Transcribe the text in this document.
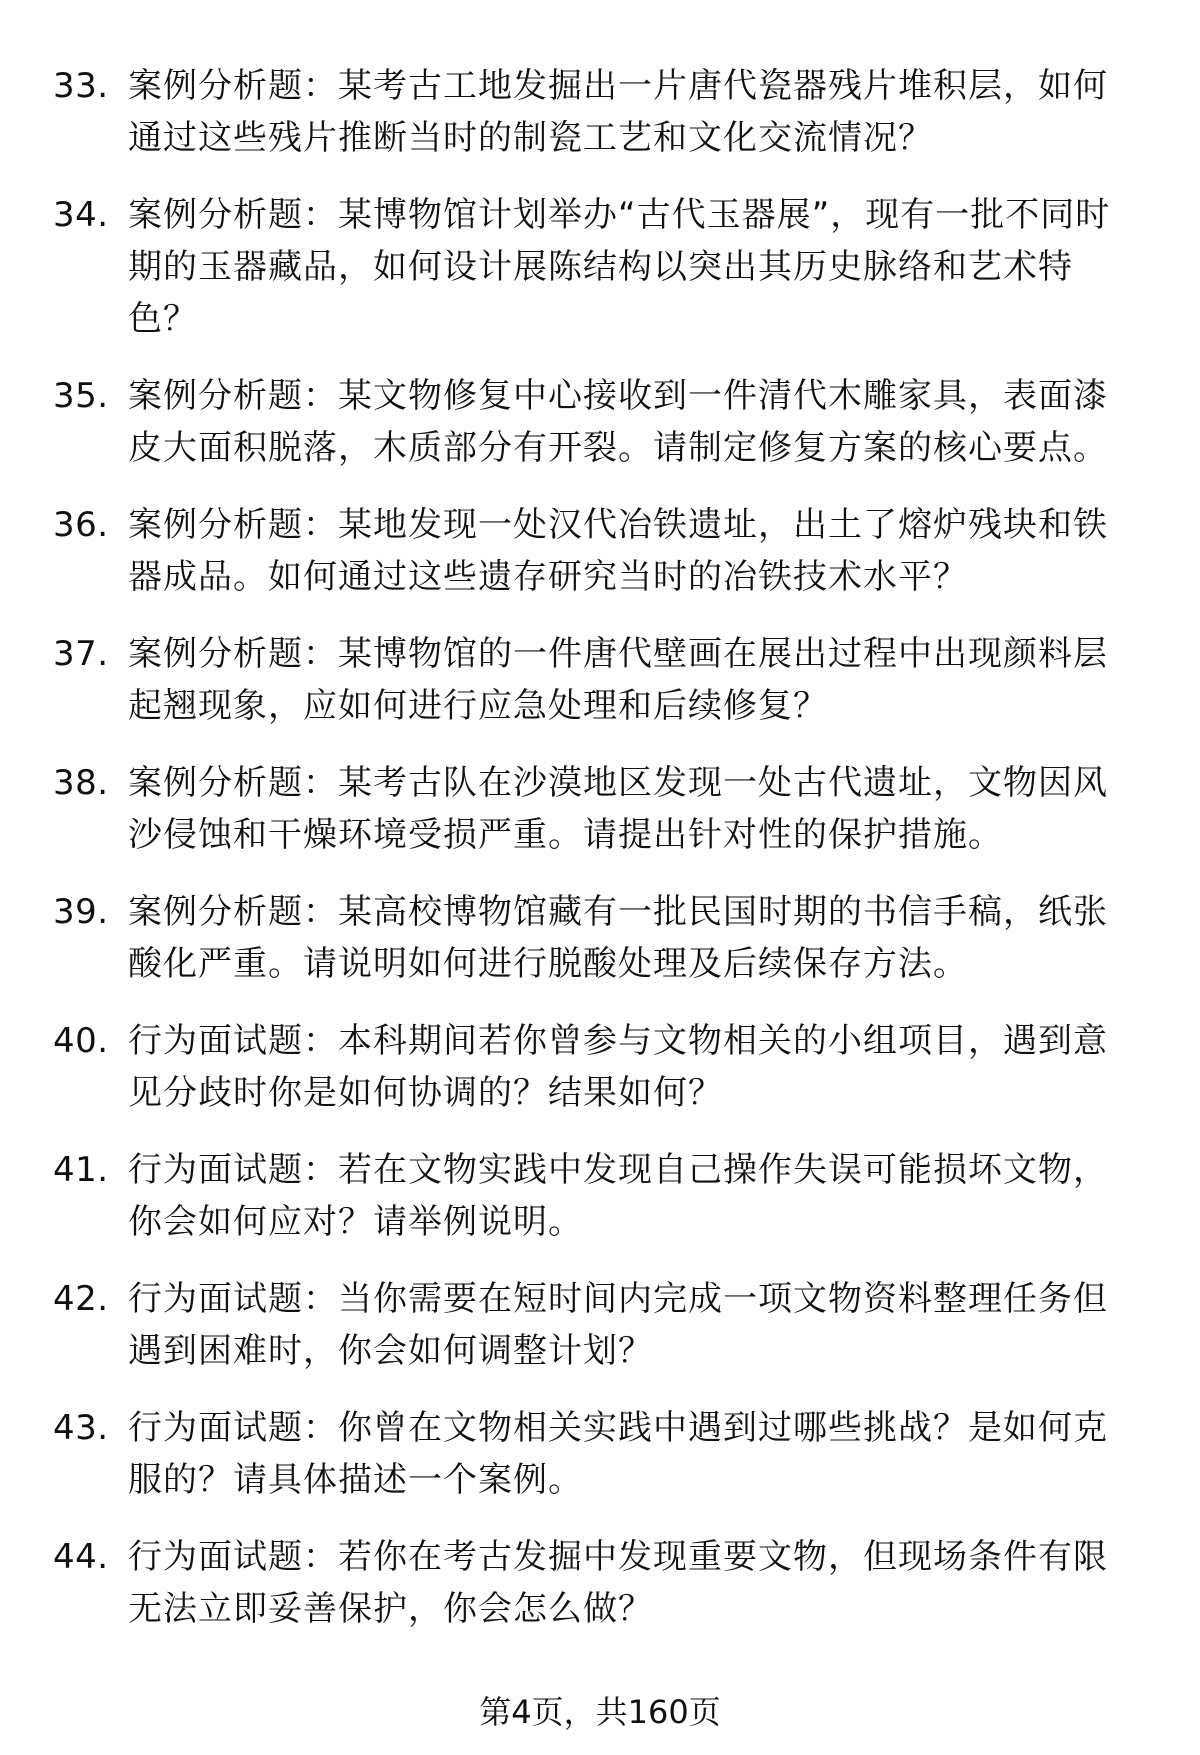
33. 案例分析题：某考古工地发掘出一片唐代瓷器残片堆积层，如何通过这些残片推断当时的制瓷工艺和文化交流情况？
34. 案例分析题：某博物馆计划举办“古代玉器展”，现有一批不同时期的玉器藏品，如何设计展陈结构以突出其历史脉络和艺术特色？
35. 案例分析题：某文物修复中心接收到一件清代木雕家具，表面漆皮大面积脱落，木质部分有开裂。请制定修复方案的核心要点。
36. 案例分析题：某地发现一处汉代冶铁遗址，出土了熔炉残块和铁器成品。如何通过这些遗存研究当时的冶铁技术水平？
37. 案例分析题：某博物馆的一件唐代壁画在展出过程中出现颜料层起翘现象，应如何进行应急处理和后续修复？
38. 案例分析题：某考古队在沙漠地区发现一处古代遗址，文物因风沙侵蚀和干燥环境受损严重。请提出针对性的保护措施。
39. 案例分析题：某高校博物馆藏有一批民国时期的书信手稿，纸张酸化严重。请说明如何进行脱酸处理及后续保存方法。
40. 行为面试题：本科期间若你曾参与文物相关的小组项目，遇到意见分歧时你是如何协调的？结果如何？
41. 行为面试题：若在文物实践中发现自己操作失误可能损坏文物，你会如何应对？请举例说明。
42. 行为面试题：当你需要在短时间内完成一项文物资料整理任务但遇到困难时，你会如何调整计划？
43. 行为面试题：你曾在文物相关实践中遇到过哪些挑战？是如何克服的？请具体描述一个案例。
44. 行为面试题：若你在考古发掘中发现重要文物，但现场条件有限无法立即妥善保护，你会怎么做？
第4页，共160页
